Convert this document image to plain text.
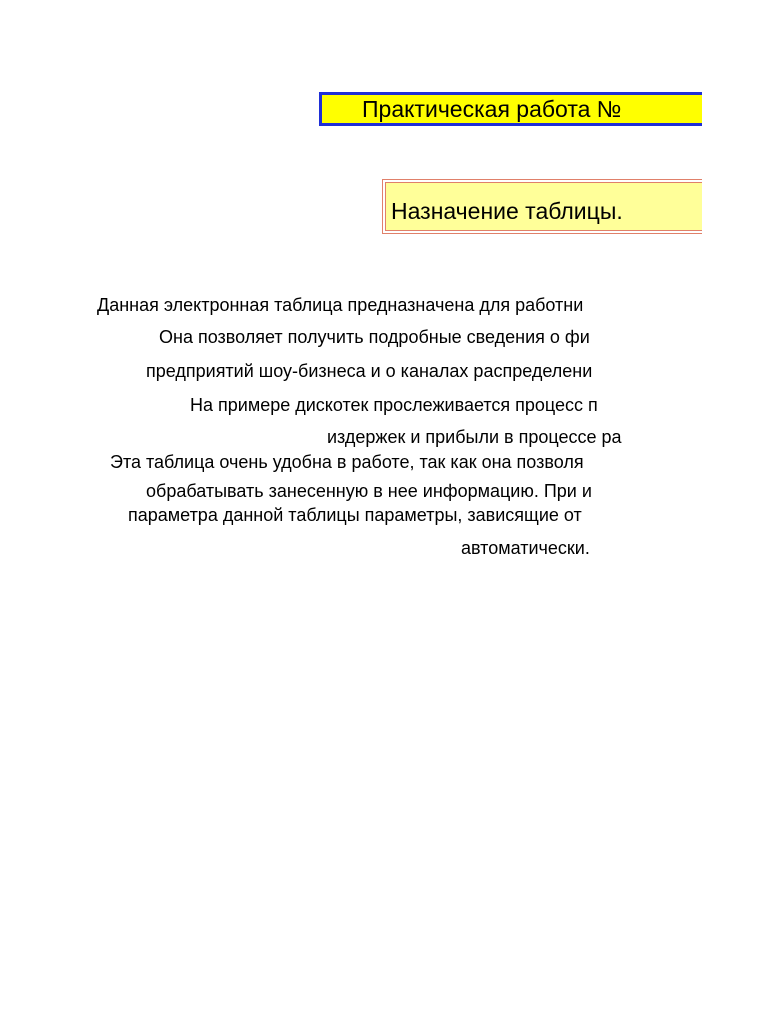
Практическая работа №
Назначение таблицы.
Данная электронная таблица предназначена для работни
Она позволяет получить подробные сведения о фи
предприятий шоу-бизнеса и о каналах распределени
На примере дискотек прослеживается процесс п
издержек и прибыли в процессе ра
Эта таблица очень удобна в работе, так как она позволя
обрабатывать занесенную в нее информацию. При и
параметра данной таблицы параметры, зависящие от
автоматически.
